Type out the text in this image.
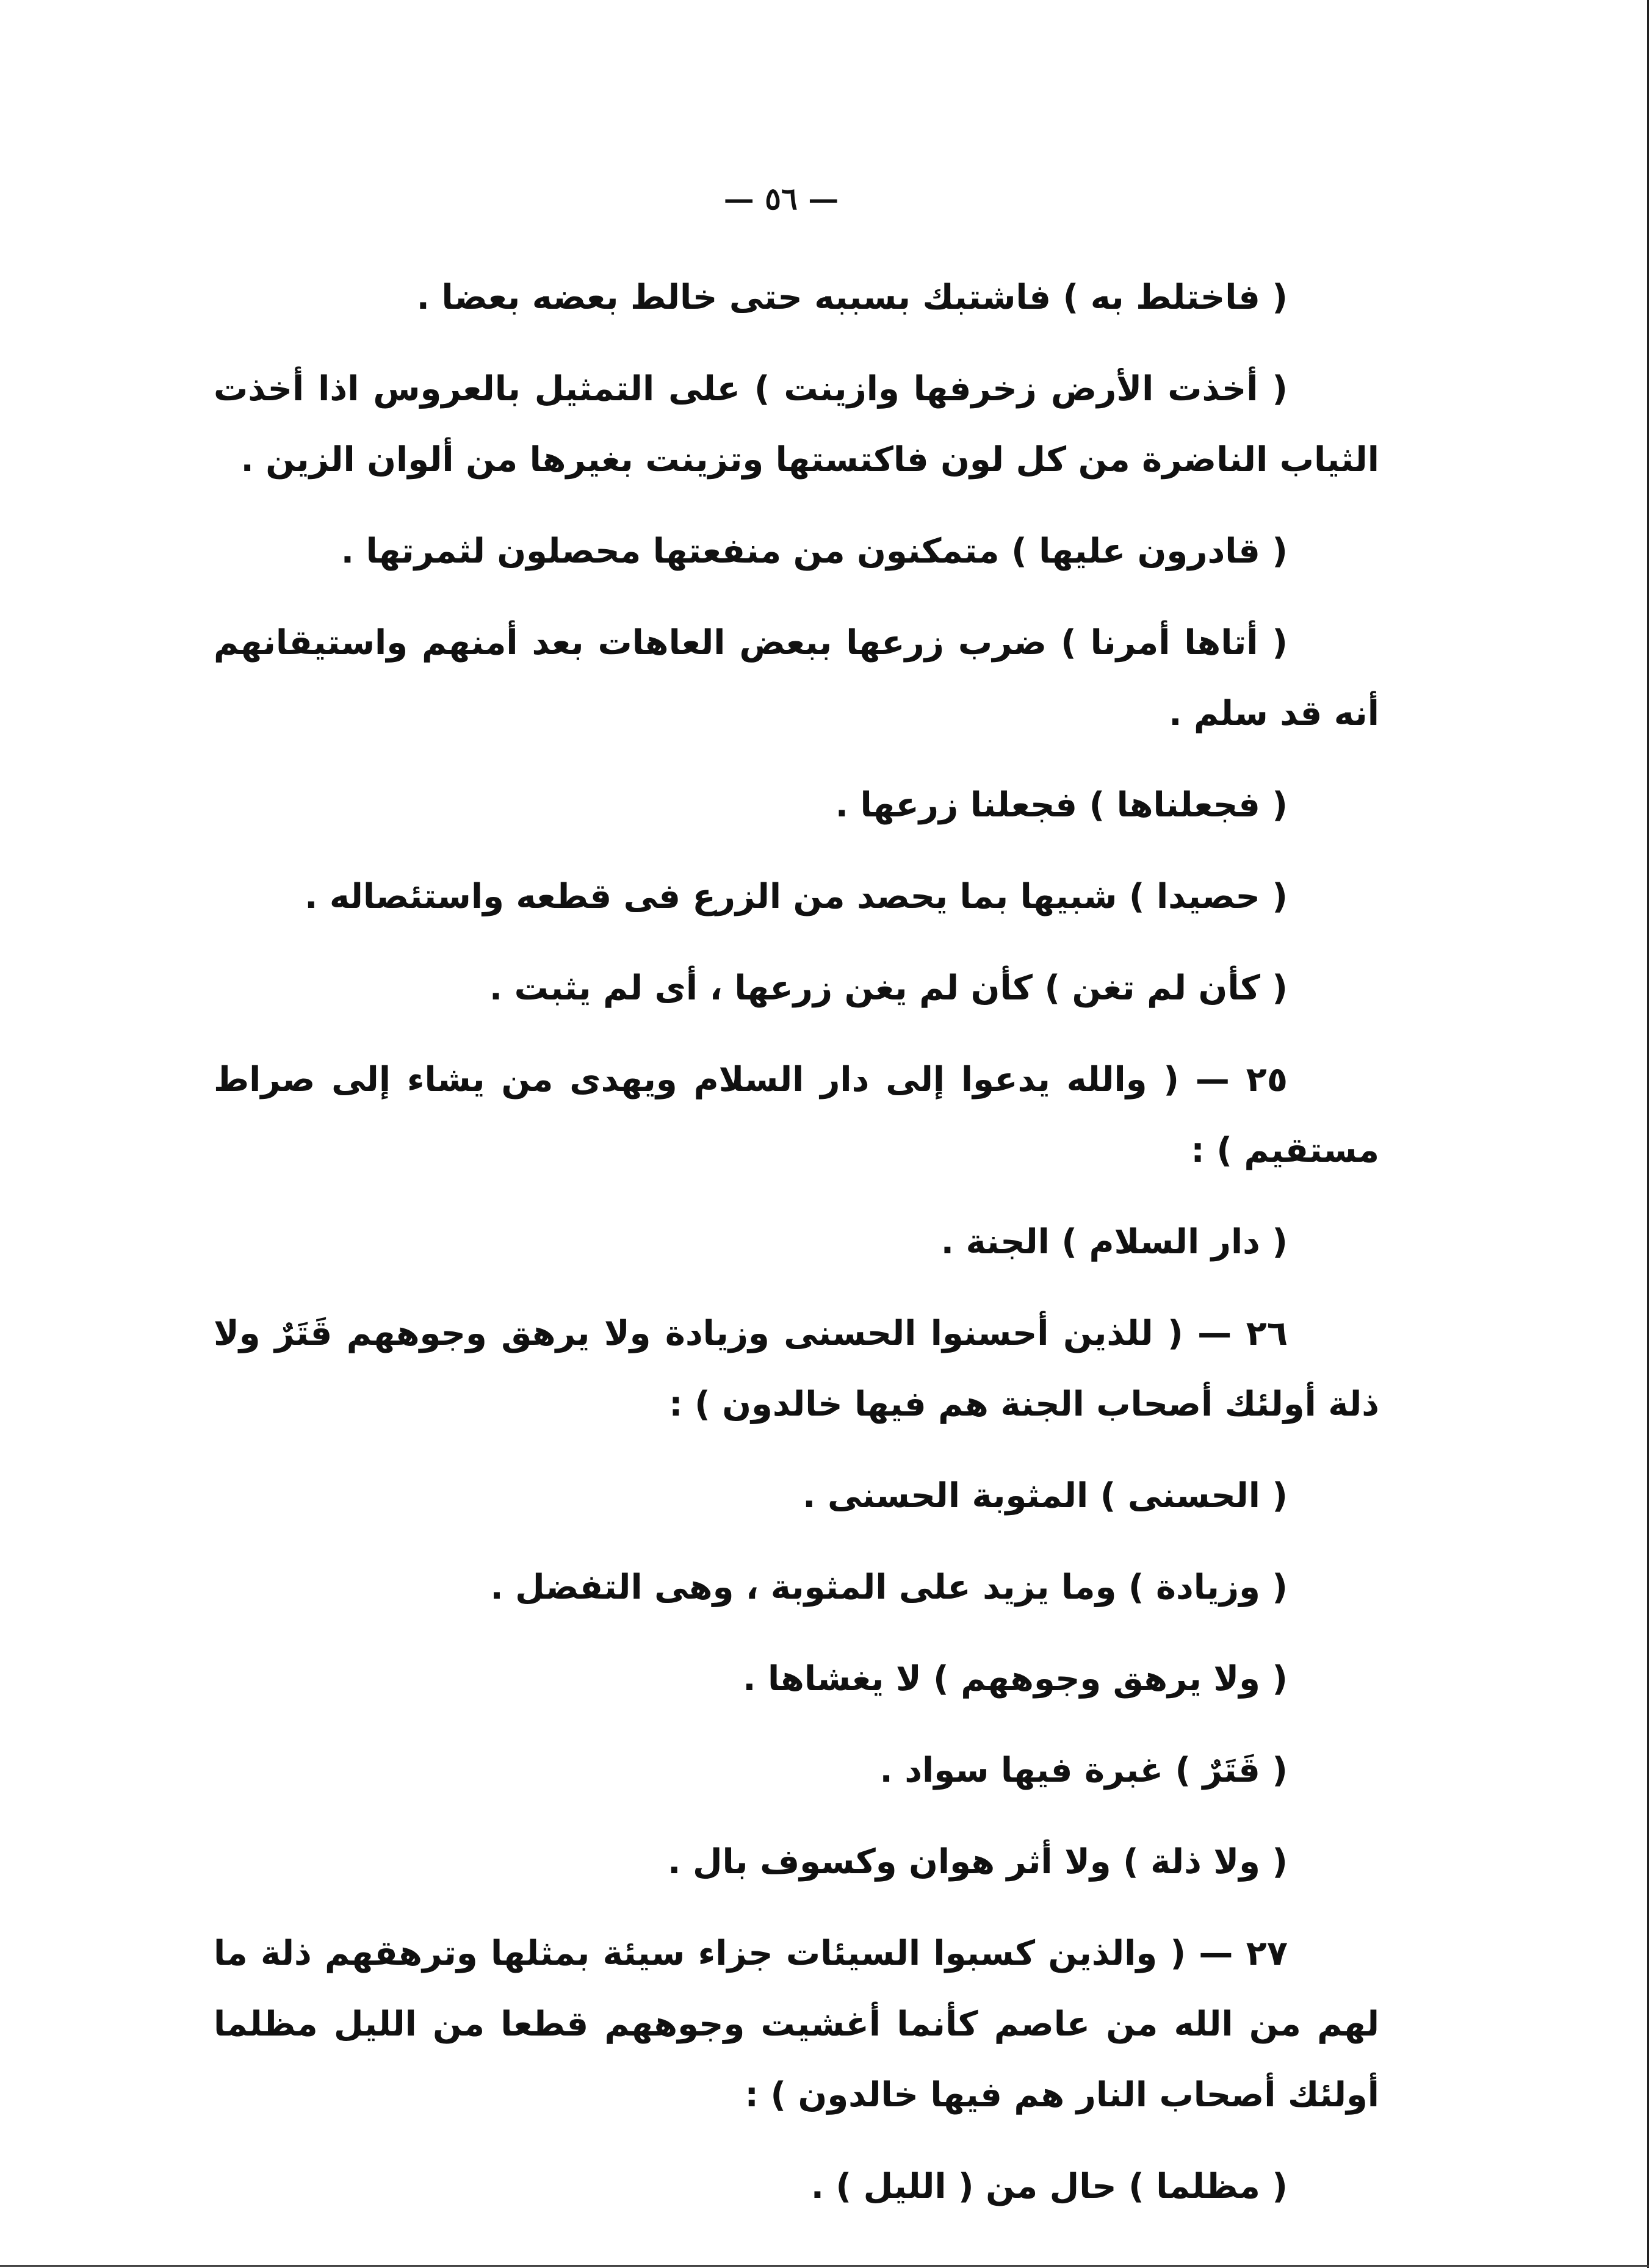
— ٥٦ —

( فاختلط به ) فاشتبك بسببه حتى خالط بعضه بعضا .

( أخذت الأرض زخرفها وازينت ) على التمثيل بالعروس اذا أخذت الثياب الناضرة من كل لون فاكتستها وتزينت بغيرها من ألوان الزين .

( قادرون عليها ) متمكنون من منفعتها محصلون لثمرتها .

( أتاها أمرنا ) ضرب زرعها ببعض العاهات بعد أمنهم واستيقانهم أنه قد سلم .

( فجعلناها ) فجعلنا زرعها .

( حصيدا ) شبيها بما يحصد من الزرع فى قطعه واستئصاله .

( كأن لم تغن ) كأن لم يغن زرعها ، أى لم يثبت .

٢٥ — ( والله يدعوا إلى دار السلام ويهدى من يشاء إلى صراط مستقيم ) :

( دار السلام ) الجنة .

٢٦ — ( للذين أحسنوا الحسنى وزيادة ولا يرهق وجوههم قَتَرٌ ولا ذلة أولئك أصحاب الجنة هم فيها خالدون ) :

( الحسنى ) المثوبة الحسنى .

( وزيادة ) وما يزيد على المثوبة ، وهى التفضل .

( ولا يرهق وجوههم ) لا يغشاها .

( قَتَرٌ ) غبرة فيها سواد .

( ولا ذلة ) ولا أثر هوان وكسوف بال .

٢٧ — ( والذين كسبوا السيئات جزاء سيئة بمثلها وترهقهم ذلة ما لهم من الله من عاصم كأنما أغشيت وجوههم قطعا من الليل مظلما أولئك أصحاب النار هم فيها خالدون ) :

( مظلما ) حال من ( الليل ) .
